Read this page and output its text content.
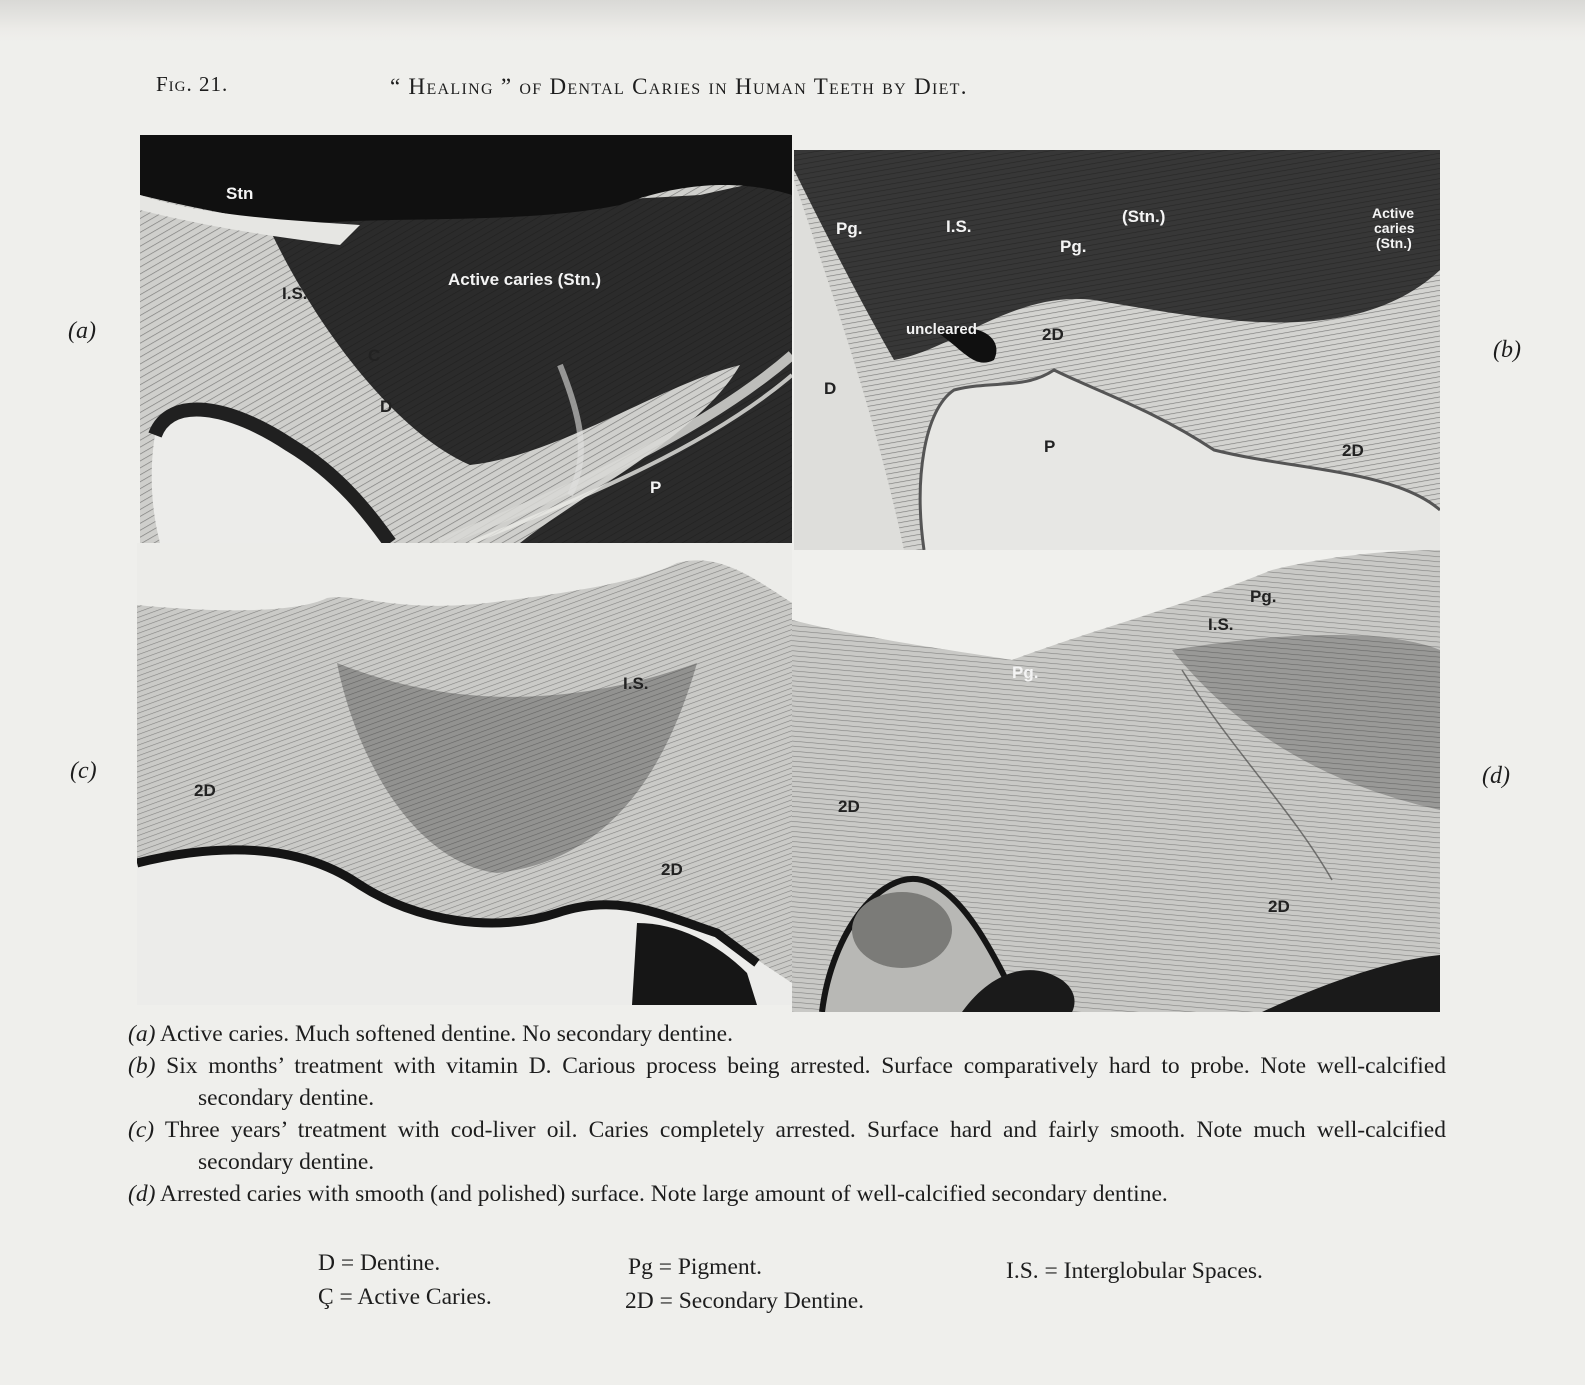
Fig. 21.	“ Healing ” of Dental Caries in Human Teeth by Diet.
Stn
Active caries (Stn.)
I.S.
C
D
P
Pg.	I.S.
Pg.
(Stn.)	Active
caries
(Stn.)
uncleared	2D
D
P	2D
I.S.
2D
2D
Pg.
I.S.
Pg.
2D
2D
(a)
(b)
(c)	(d)
(a) Active caries. Much softened dentine. No secondary dentine.
(b) Six months’ treatment with vitamin D. Carious process being arrested. Surface comparatively hard to probe. Note well-calcified secondary dentine.
(c) Three years’ treatment with cod-liver oil. Caries completely arrested. Surface hard and fairly smooth. Note much well-calcified secondary dentine.
(d) Arrested caries with smooth (and polished) surface. Note large amount of well-calcified secondary dentine.
D = Dentine.
Ç = Active Caries.
Pg = Pigment.
2D = Secondary Dentine.
I.S. = Interglobular Spaces.
